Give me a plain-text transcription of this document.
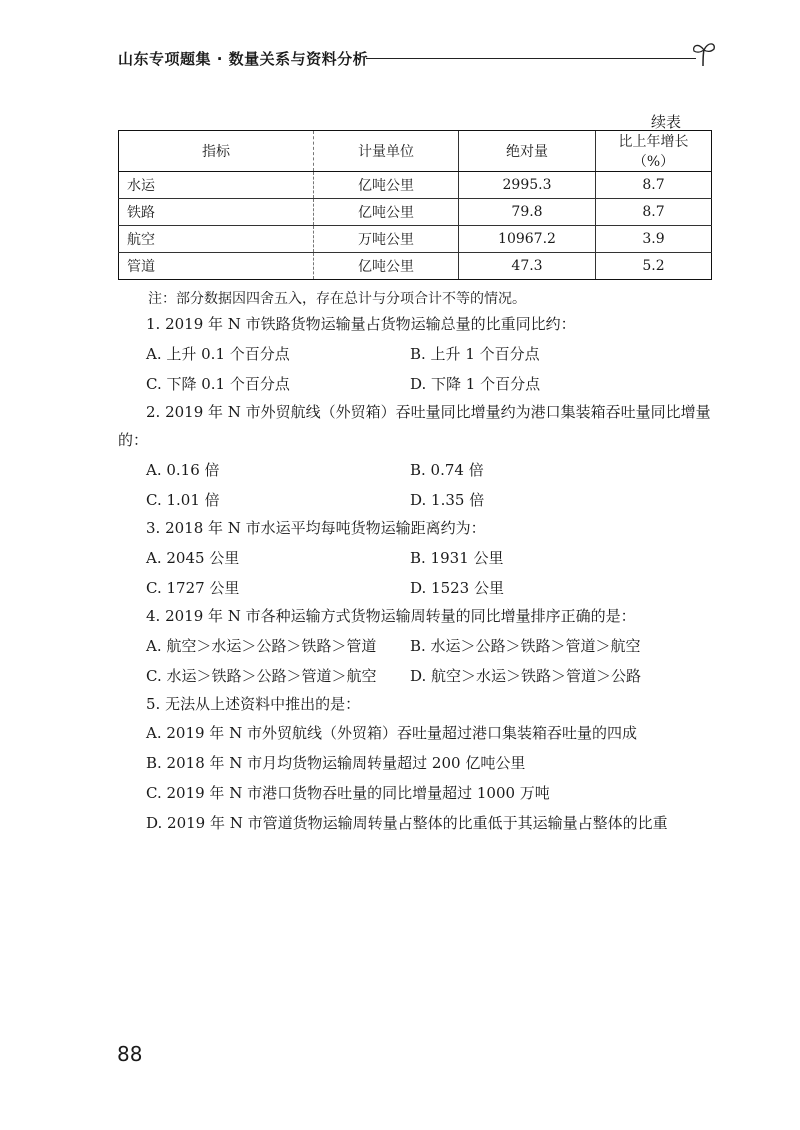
山东专项题集 · 数量关系与资料分析
续表
指标	计量单位	绝对量	比上年增长（%）
水运	亿吨公里	2995.3	8.7
铁路	亿吨公里	79.8	8.7
航空	万吨公里	10967.2	3.9
管道	亿吨公里	47.3	5.2
注：部分数据因四舍五入，存在总计与分项合计不等的情况。

1. 2019 年 N 市铁路货物运输量占货物运输总量的比重同比约：

A. 上升 0.1 个百分点	B. 上升 1 个百分点
C. 下降 0.1 个百分点	D. 下降 1 个百分点

2. 2019 年 N 市外贸航线（外贸箱）吞吐量同比增量约为港口集装箱吞吐量同比增量的：

A. 0.16 倍	B. 0.74 倍
C. 1.01 倍	D. 1.35 倍

3. 2018 年 N 市水运平均每吨货物运输距离约为：

A. 2045 公里	B. 1931 公里
C. 1727 公里	D. 1523 公里

4. 2019 年 N 市各种运输方式货物运输周转量的同比增量排序正确的是：

A. 航空＞水运＞公路＞铁路＞管道	B. 水运＞公路＞铁路＞管道＞航空
C. 水运＞铁路＞公路＞管道＞航空	D. 航空＞水运＞铁路＞管道＞公路

5. 无法从上述资料中推出的是：

A. 2019 年 N 市外贸航线（外贸箱）吞吐量超过港口集装箱吞吐量的四成
B. 2018 年 N 市月均货物运输周转量超过 200 亿吨公里
C. 2019 年 N 市港口货物吞吐量的同比增量超过 1000 万吨
D. 2019 年 N 市管道货物运输周转量占整体的比重低于其运输量占整体的比重
88
